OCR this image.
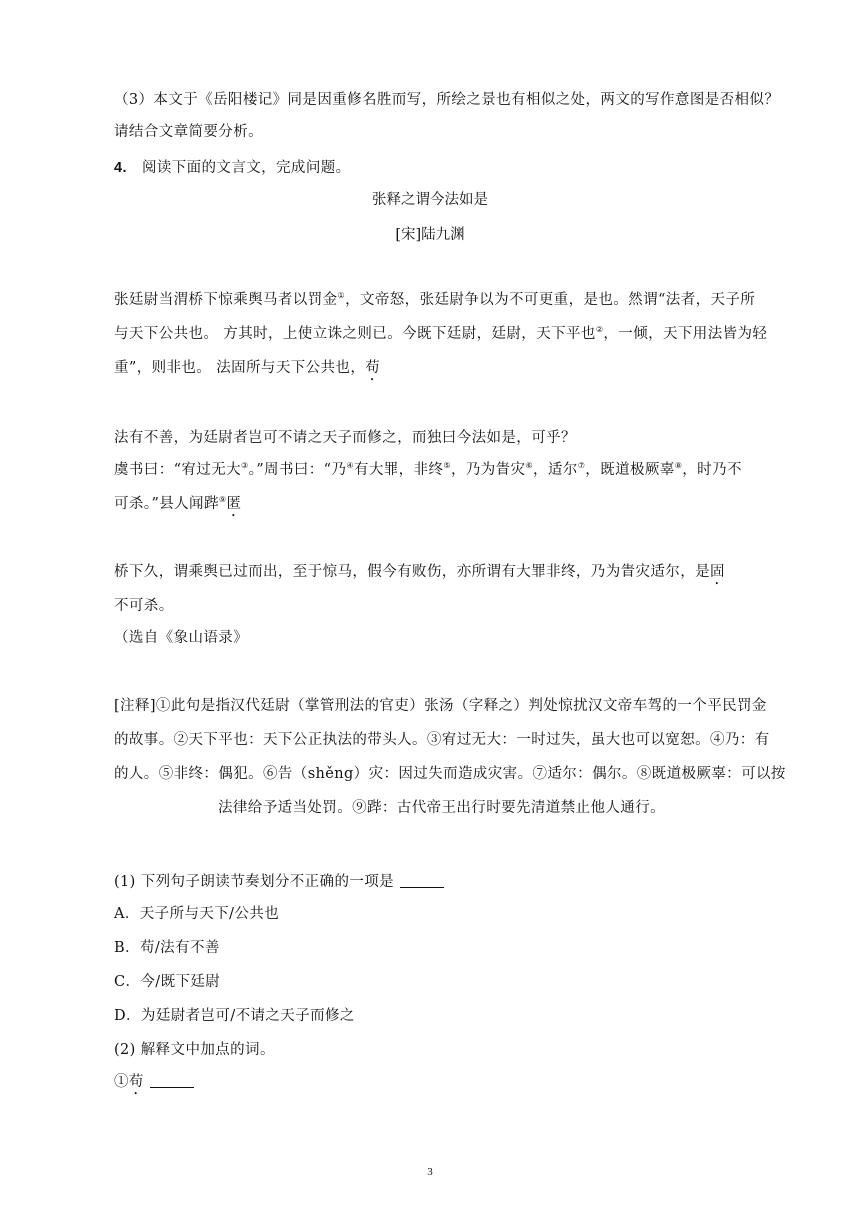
（3）本文于《岳阳楼记》同是因重修名胜而写，所绘之景也有相似之处，两文的写作意图是否相似？
请结合文章简要分析。
4. 阅读下面的文言文，完成问题。
张释之谓今法如是
[宋]陆九渊
张廷尉当渭桥下惊乘舆马者以罚金①，文帝怒，张廷尉争以为不可更重，是也。然谓“法者，天子所
与天下公共也。 方其时，上使立诛之则已。今既下廷尉，廷尉，天下平也②，一倾，天下用法皆为轻
重”，则非也。 法固所与天下公共也，苟
法有不善，为廷尉者岂可不请之天子而修之，而独曰今法如是，可乎？
虞书曰：“宥过无大③。”周书曰：“乃④有大罪，非终⑤，乃为眚灾⑥，适尔⑦，既道极厥辜⑧，时乃不
可杀。”县人闻跸⑨匿
桥下久，谓乘舆已过而出，至于惊马，假今有败伤，亦所谓有大罪非终，乃为眚灾适尔，是固
不可杀。
（选自《象山语录》
[注释]①此句是指汉代廷尉（掌管刑法的官吏）张汤（字释之）判处惊扰汉文帝车驾的一个平民罚金
的故事。②天下平也：天下公正执法的带头人。③宥过无大：一时过失，虽大也可以宽恕。④乃：有
的人。⑤非终：偶犯。⑥告（shěng）灾：因过失而造成灾害。⑦适尔：偶尔。⑧既道极厥辜：可以按
法律给予适当处罚。⑨跸：古代帝王出行时要先清道禁止他人通行。
(1) 下列句子朗读节奏划分不正确的一项是
A．天子所与天下/公共也
B．苟/法有不善
C．今/既下廷尉
D．为廷尉者岂可/不请之天子而修之
(2) 解释文中加点的词。
①苟
3
